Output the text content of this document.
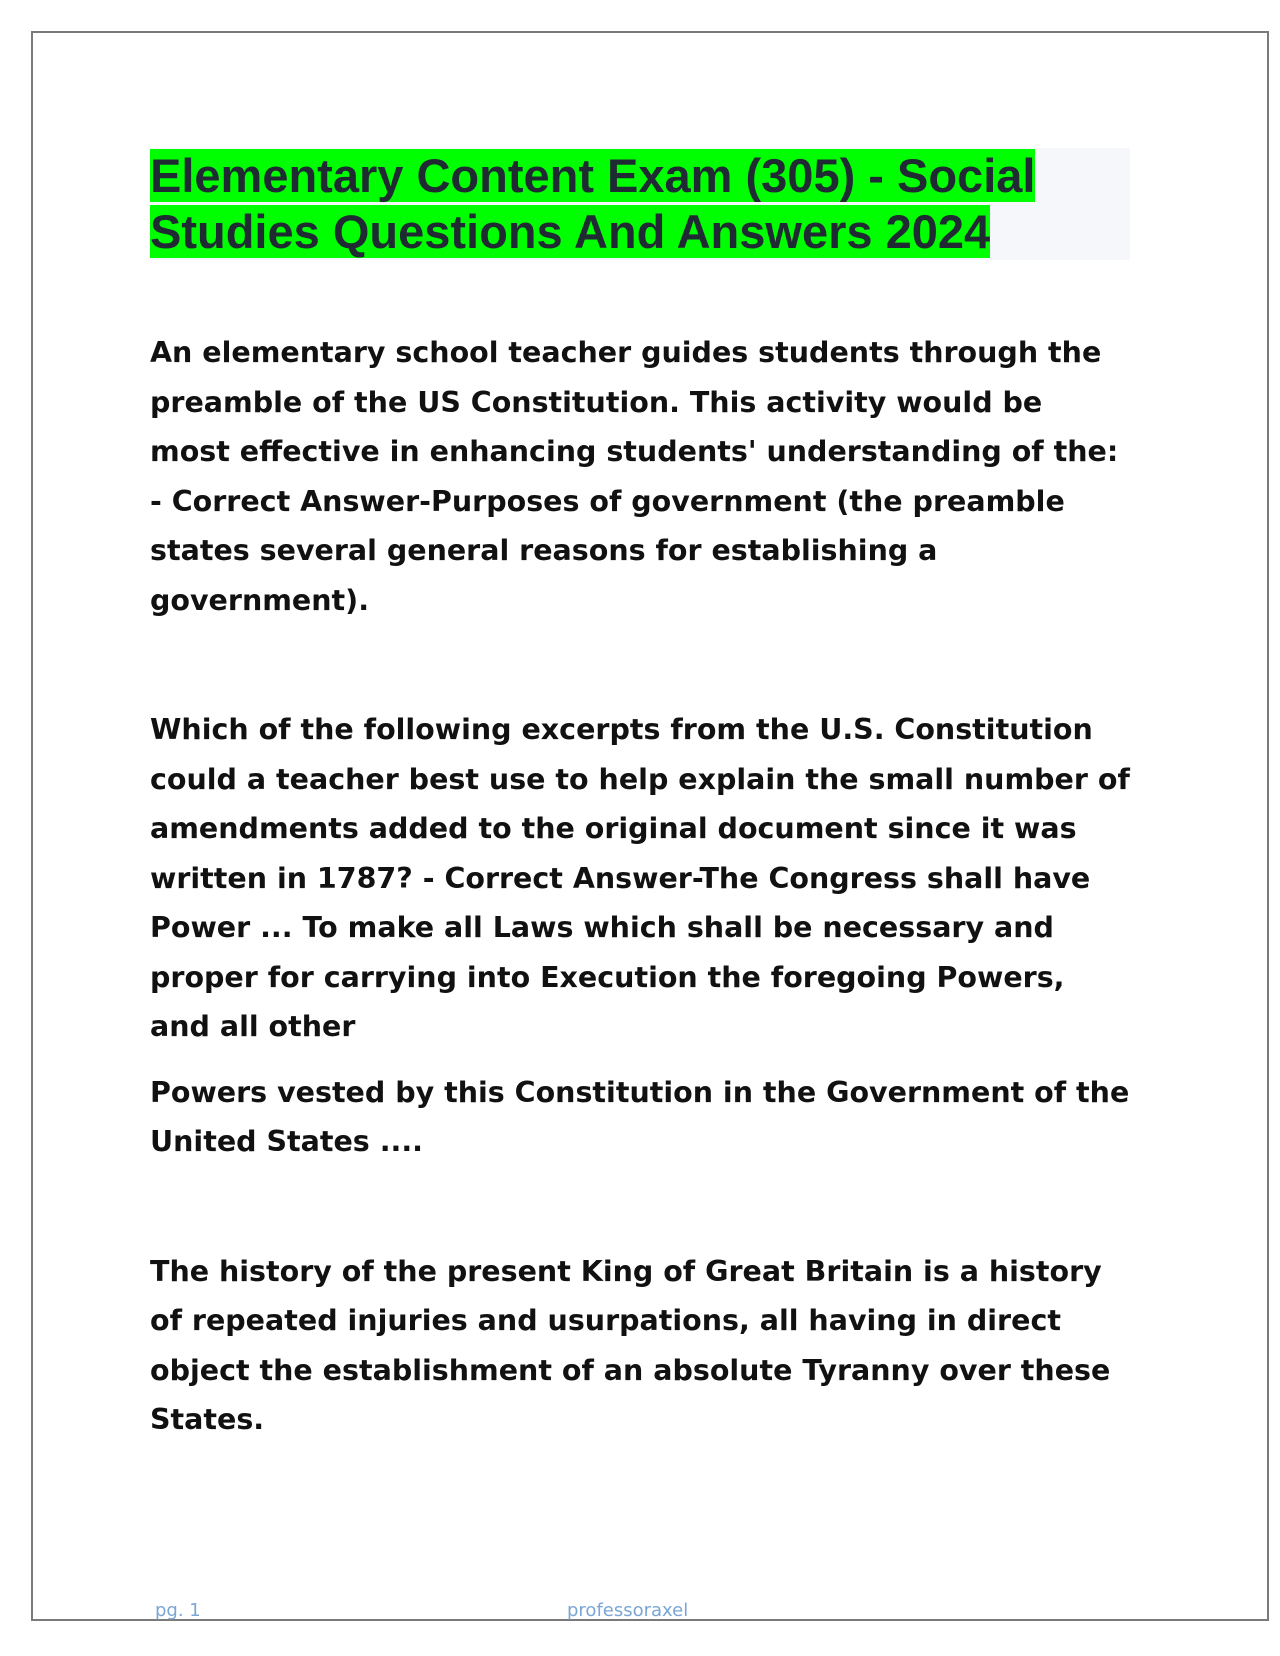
Elementary Content Exam (305) - Social
Studies Questions And Answers 2024

An elementary school teacher guides students through the preamble of the US Constitution. This activity would be most effective in enhancing students' understanding of the: - Correct Answer-Purposes of government (the preamble states several general reasons for establishing a government).

Which of the following excerpts from the U.S. Constitution could a teacher best use to help explain the small number of amendments added to the original document since it was written in 1787? - Correct Answer-The Congress shall have Power ... To make all Laws which shall be necessary and proper for carrying into Execution the foregoing Powers, and all other

Powers vested by this Constitution in the Government of the United States ....

The history of the present King of Great Britain is a history of repeated injuries and usurpations, all having in direct object the establishment of an absolute Tyranny over these States.

pg. 1	professoraxel
